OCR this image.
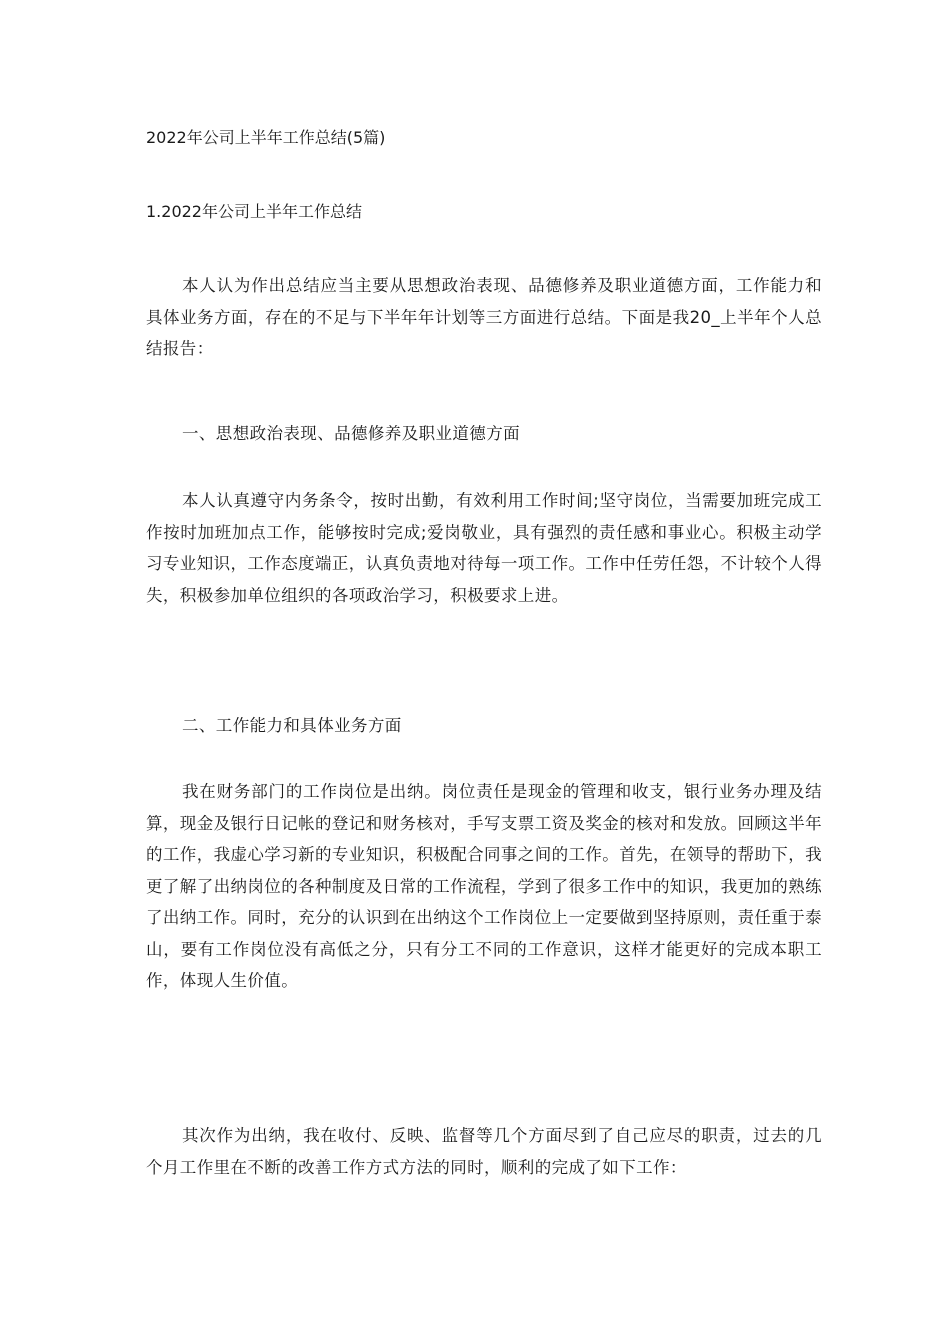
2022年公司上半年工作总结(5篇)
1.2022年公司上半年工作总结
本人认为作出总结应当主要从思想政治表现、品德修养及职业道德方面，工作能力和具体业务方面，存在的不足与下半年年计划等三方面进行总结。下面是我20_上半年个人总结报告：
一、思想政治表现、品德修养及职业道德方面
本人认真遵守内务条令，按时出勤，有效利用工作时间;坚守岗位，当需要加班完成工作按时加班加点工作，能够按时完成;爱岗敬业，具有强烈的责任感和事业心。积极主动学习专业知识，工作态度端正，认真负责地对待每一项工作。工作中任劳任怨，不计较个人得失，积极参加单位组织的各项政治学习，积极要求上进。
二、工作能力和具体业务方面
我在财务部门的工作岗位是出纳。岗位责任是现金的管理和收支，银行业务办理及结算，现金及银行日记帐的登记和财务核对，手写支票工资及奖金的核对和发放。回顾这半年的工作，我虚心学习新的专业知识，积极配合同事之间的工作。首先，在领导的帮助下，我更了解了出纳岗位的各种制度及日常的工作流程，学到了很多工作中的知识，我更加的熟练了出纳工作。同时，充分的认识到在出纳这个工作岗位上一定要做到坚持原则，责任重于泰山，要有工作岗位没有高低之分，只有分工不同的工作意识，这样才能更好的完成本职工作，体现人生价值。
其次作为出纳，我在收付、反映、监督等几个方面尽到了自己应尽的职责，过去的几个月工作里在不断的改善工作方式方法的同时，顺利的完成了如下工作：
